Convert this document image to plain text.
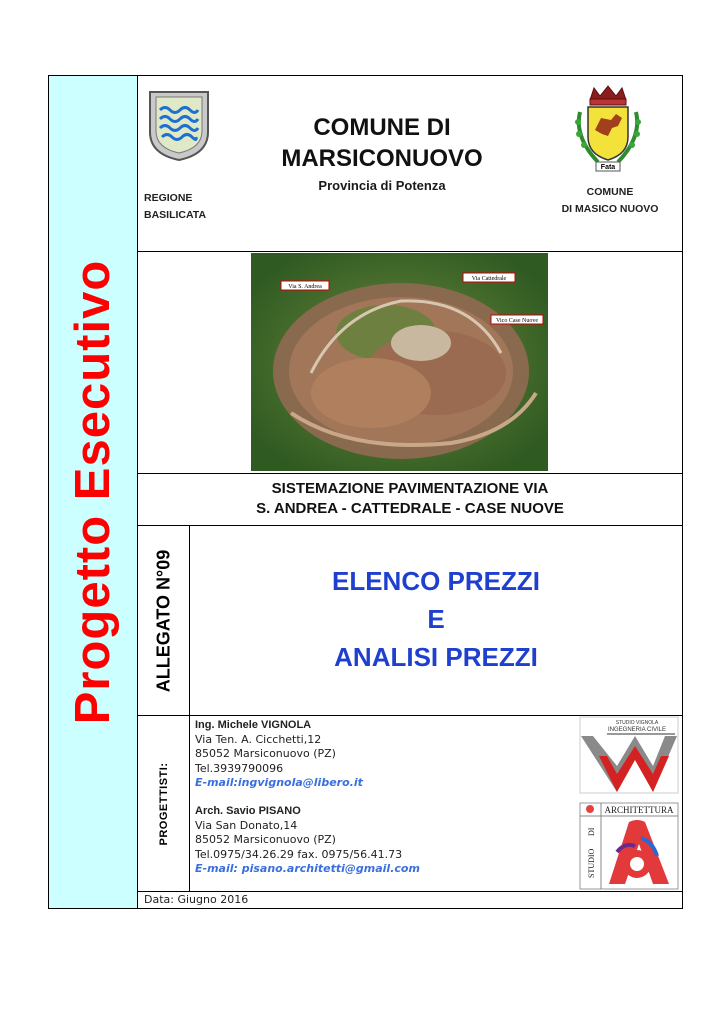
Progetto Esecutivo
REGIONE
BASILICATA
COMUNE DI
MARSICONUOVO
Provincia di Potenza
Fata
COMUNE
DI MASICO NUOVO
Via S. Andrea
Via Cattedrale
Vico Case Nuove
SISTEMAZIONE PAVIMENTAZIONE VIA
S. ANDREA - CATTEDRALE - CASE NUOVE
ALLEGATO N°09	ELENCO PREZZI
E
ANALISI PREZZI
PROGETTISTI:
Ing. Michele VIGNOLA
Via Ten. A. Cicchetti,12
85052 Marsiconuovo (PZ)
Tel.3939790096
E-mail:ingvignola@libero.it
Arch. Savio PISANO
Via San Donato,14
85052 Marsiconuovo (PZ)
Tel.0975/34.26.29 fax. 0975/56.41.73
E-mail: pisano.architetti@gmail.com
STUDIO VIGNOLA
INGEGNERIA CIVILE
ARCHITETTURA
STUDIO
DI
Data: Giugno 2016
